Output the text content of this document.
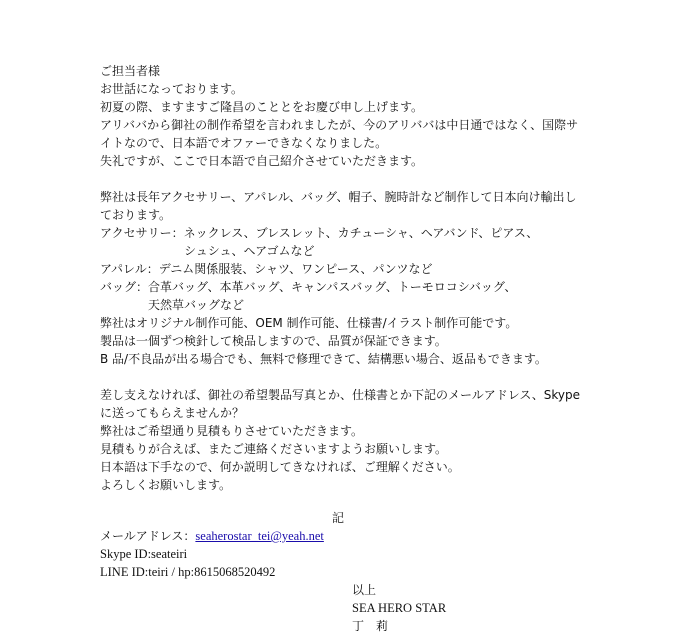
ご担当者様
お世話になっております。
初夏の際、ますますご隆昌のこととをお慶び申し上げます。
アリババから御社の制作希望を言われましたが、今のアリババは中日通ではなく、国際サ
イトなので、日本語でオファーできなくなりました。
失礼ですが、ここで日本語で自己紹介させていただきます。
弊社は長年アクセサリー、アパレル、バッグ、帽子、腕時計など制作して日本向け輸出し
ております。
アクセサリー：ネックレス、ブレスレット、カチューシャ、ヘアバンド、ピアス、
シュシュ、ヘアゴムなど
アパレル：デニム関係服装、シャツ、ワンピース、パンツなど
バッグ：合革バッグ、本革バッグ、キャンパスバッグ、トーモロコシバッグ、
天然草バッグなど
弊社はオリジナル制作可能、OEM 制作可能、仕様書/イラスト制作可能です。
製品は一個ずつ検針して検品しますので、品質が保証できます。
B 品/不良品が出る場合でも、無料で修理できて、結構悪い場合、返品もできます。
差し支えなければ、御社の希望製品写真とか、仕様書とか下記のメールアドレス、Skype
に送ってもらえませんか？
弊社はご希望通り見積もりさせていただきます。
見積もりが合えば、またご連絡くださいますようお願いします。
日本語は下手なので、何か説明してきなければ、ご理解ください。
よろしくお願いします。
記
メールアドレス：seaherostar_tei@yeah.net
Skype ID:seateiri
LINE ID:teiri / hp:8615068520492
以上
SEA HERO STAR
丁　莉
